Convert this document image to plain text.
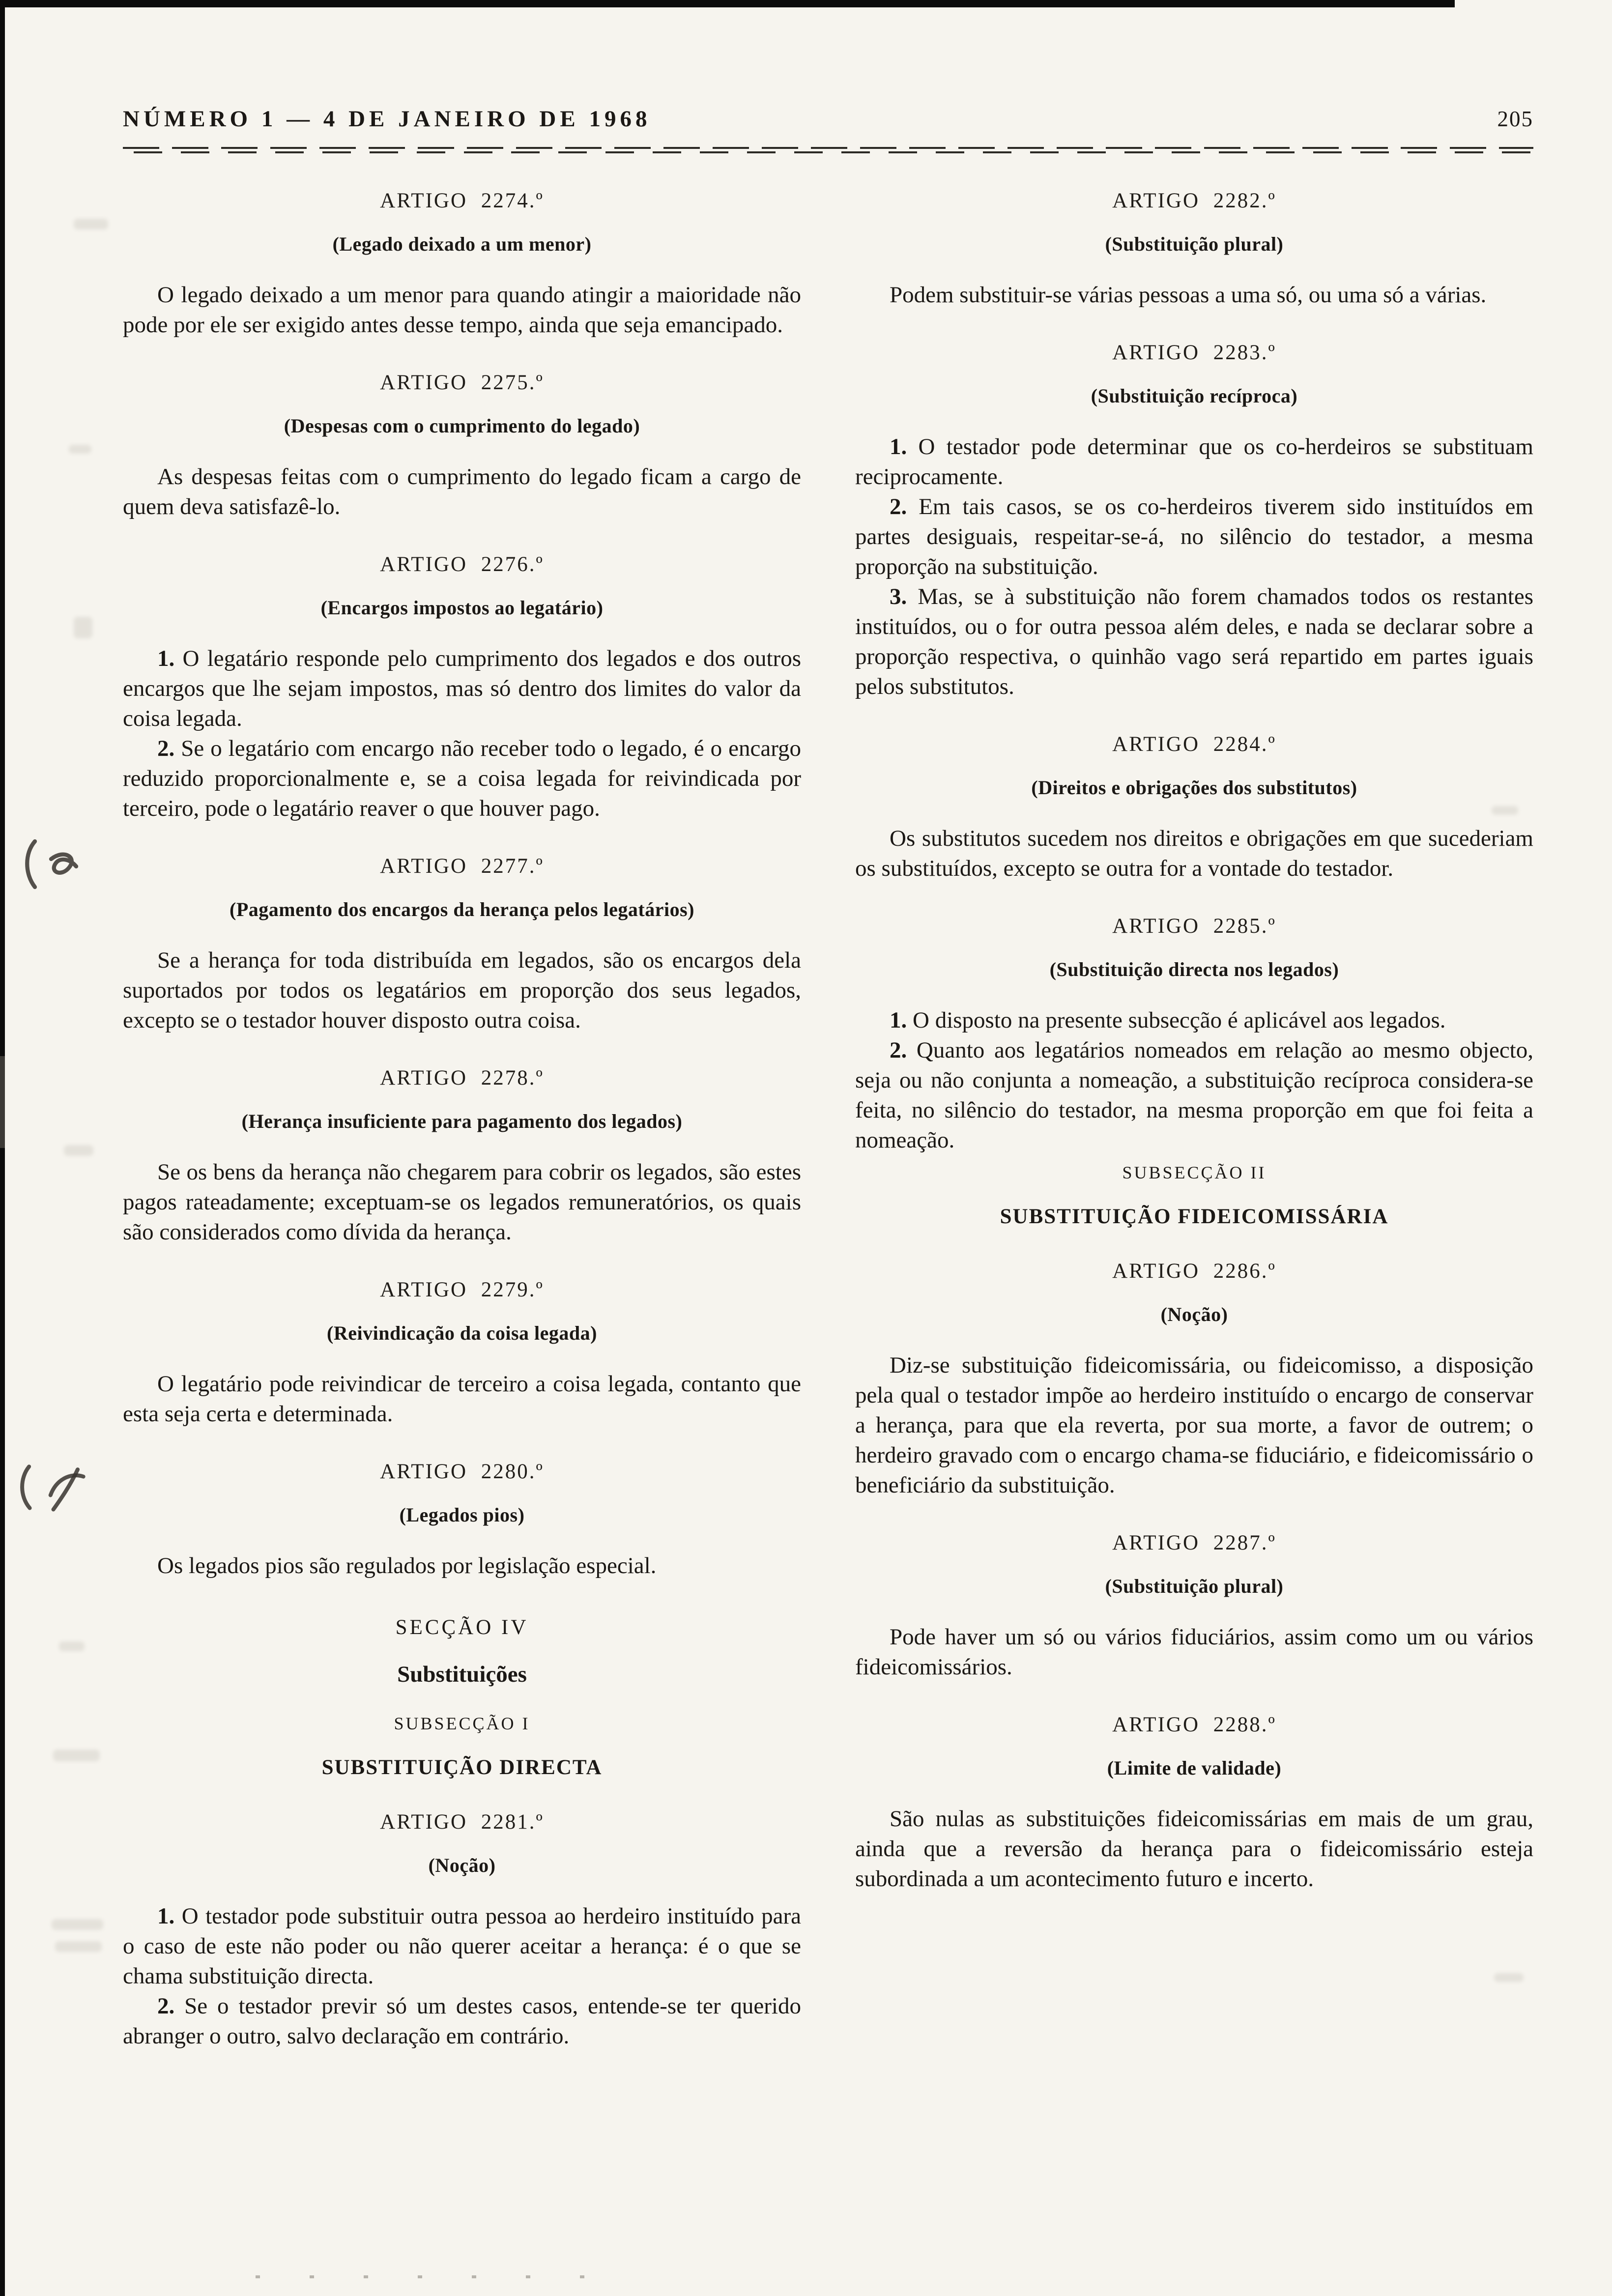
NÚMERO 1 — 4 DE JANEIRO DE 1968	205
ARTIGO 2274.º
(Legado deixado a um menor)

O legado deixado a um menor para quando atingir a maioridade não pode por ele ser exigido antes desse tempo, ainda que seja emancipado.

ARTIGO 2275.º
(Despesas com o cumprimento do legado)

As despesas feitas com o cumprimento do legado ficam a cargo de quem deva satisfazê-lo.

ARTIGO 2276.º
(Encargos impostos ao legatário)

1. O legatário responde pelo cumprimento dos legados e dos outros encargos que lhe sejam impostos, mas só dentro dos limites do valor da coisa legada.

2. Se o legatário com encargo não receber todo o legado, é o encargo reduzido proporcionalmente e, se a coisa legada for reivindicada por terceiro, pode o legatário reaver o que houver pago.

ARTIGO 2277.º
(Pagamento dos encargos da herança pelos legatários)

Se a herança for toda distribuída em legados, são os encargos dela suportados por todos os legatários em proporção dos seus legados, excepto se o testador houver disposto outra coisa.

ARTIGO 2278.º
(Herança insuficiente para pagamento dos legados)

Se os bens da herança não chegarem para cobrir os legados, são estes pagos rateadamente; exceptuam-se os legados remuneratórios, os quais são considerados como dívida da herança.

ARTIGO 2279.º
(Reivindicação da coisa legada)

O legatário pode reivindicar de terceiro a coisa legada, contanto que esta seja certa e determinada.

ARTIGO 2280.º
(Legados pios)

Os legados pios são regulados por legislação especial.

SECÇÃO IV
Substituições
SUBSECÇÃO I
SUBSTITUIÇÃO DIRECTA
ARTIGO 2281.º
(Noção)

1. O testador pode substituir outra pessoa ao herdeiro instituído para o caso de este não poder ou não querer aceitar a herança: é o que se chama substituição directa.

2. Se o testador previr só um destes casos, entende-se ter querido abranger o outro, salvo declaração em contrário.

ARTIGO 2282.º
(Substituição plural)

Podem substituir-se várias pessoas a uma só, ou uma só a várias.

ARTIGO 2283.º
(Substituição recíproca)

1. O testador pode determinar que os co-herdeiros se substituam reciprocamente.

2. Em tais casos, se os co-herdeiros tiverem sido instituídos em partes desiguais, respeitar-se-á, no silêncio do testador, a mesma proporção na substituição.

3. Mas, se à substituição não forem chamados todos os restantes instituídos, ou o for outra pessoa além deles, e nada se declarar sobre a proporção respectiva, o quinhão vago será repartido em partes iguais pelos substitutos.

ARTIGO 2284.º
(Direitos e obrigações dos substitutos)

Os substitutos sucedem nos direitos e obrigações em que sucederiam os substituídos, excepto se outra for a vontade do testador.

ARTIGO 2285.º
(Substituição directa nos legados)

1. O disposto na presente subsecção é aplicável aos legados.

2. Quanto aos legatários nomeados em relação ao mesmo objecto, seja ou não conjunta a nomeação, a substituição recíproca considera-se feita, no silêncio do testador, na mesma proporção em que foi feita a nomeação.

SUBSECÇÃO II
SUBSTITUIÇÃO FIDEICOMISSÁRIA
ARTIGO 2286.º
(Noção)

Diz-se substituição fideicomissária, ou fideicomisso, a disposição pela qual o testador impõe ao herdeiro instituído o encargo de conservar a herança, para que ela reverta, por sua morte, a favor de outrem; o herdeiro gravado com o encargo chama-se fiduciário, e fideicomissário o beneficiário da substituição.

ARTIGO 2287.º
(Substituição plural)

Pode haver um só ou vários fiduciários, assim como um ou vários fideicomissários.

ARTIGO 2288.º
(Limite de validade)

São nulas as substituições fideicomissárias em mais de um grau, ainda que a reversão da herança para o fideicomissário esteja subordinada a um acontecimento futuro e incerto.
